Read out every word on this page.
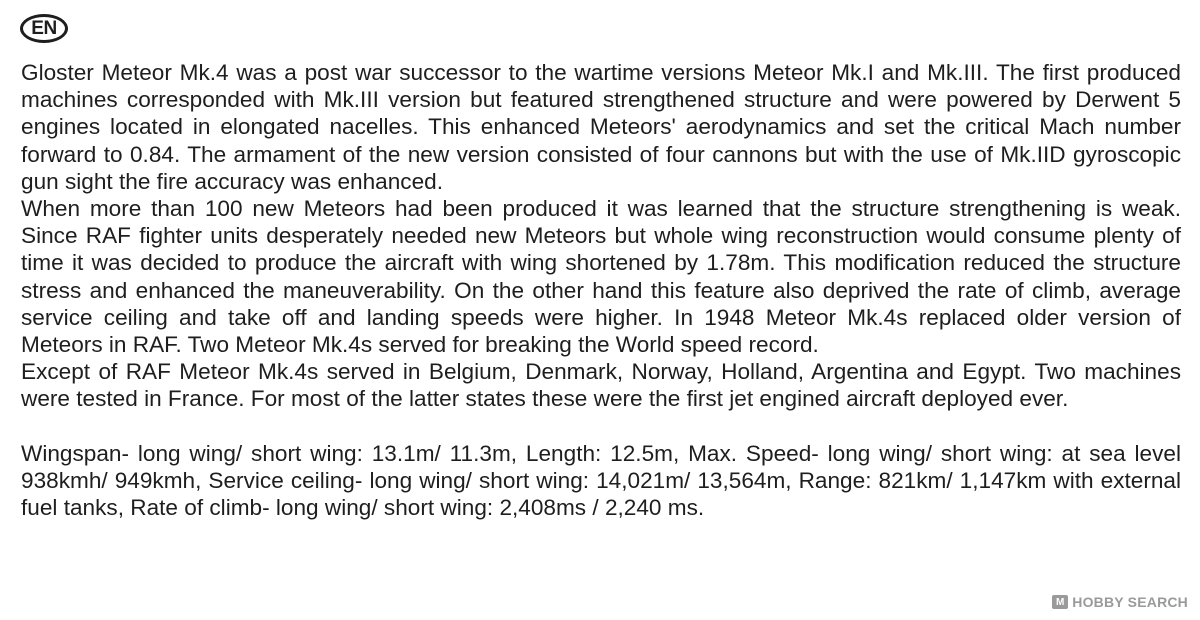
EN

Gloster Meteor Mk.4 was a post war successor to the wartime versions Meteor Mk.I and Mk.III. The first produced machines corresponded with Mk.III version but featured strengthened structure and were powered by Derwent 5 engines located in elongated nacelles. This enhanced Meteors' aerodynamics and set the critical Mach number forward to 0.84. The armament of the new version consisted of four cannons but with the use of Mk.IID gyroscopic gun sight the fire accuracy was enhanced.

When more than 100 new Meteors had been produced it was learned that the structure strengthening is weak. Since RAF fighter units desperately needed new Meteors but whole wing reconstruction would consume plenty of time it was decided to produce the aircraft with wing shortened by 1.78m. This modification reduced the structure stress and enhanced the maneuverability. On the other hand this feature also deprived the rate of climb, average service ceiling and take off and landing speeds were higher. In 1948 Meteor Mk.4s replaced older version of Meteors in RAF. Two Meteor Mk.4s served for breaking the World speed record.

Except of RAF Meteor Mk.4s served in Belgium, Denmark, Norway, Holland, Argentina and Egypt. Two machines were tested in France. For most of the latter states these were the first jet engined aircraft deployed ever.

Wingspan- long wing/ short wing: 13.1m/ 11.3m, Length: 12.5m, Max. Speed- long wing/ short wing: at sea level 938kmh/ 949kmh, Service ceiling- long wing/ short wing: 14,021m/ 13,564m, Range: 821km/ 1,147km with external fuel tanks, Rate of climb- long wing/ short wing: 2,408ms / 2,240 ms.

M HOBBY SEARCH
